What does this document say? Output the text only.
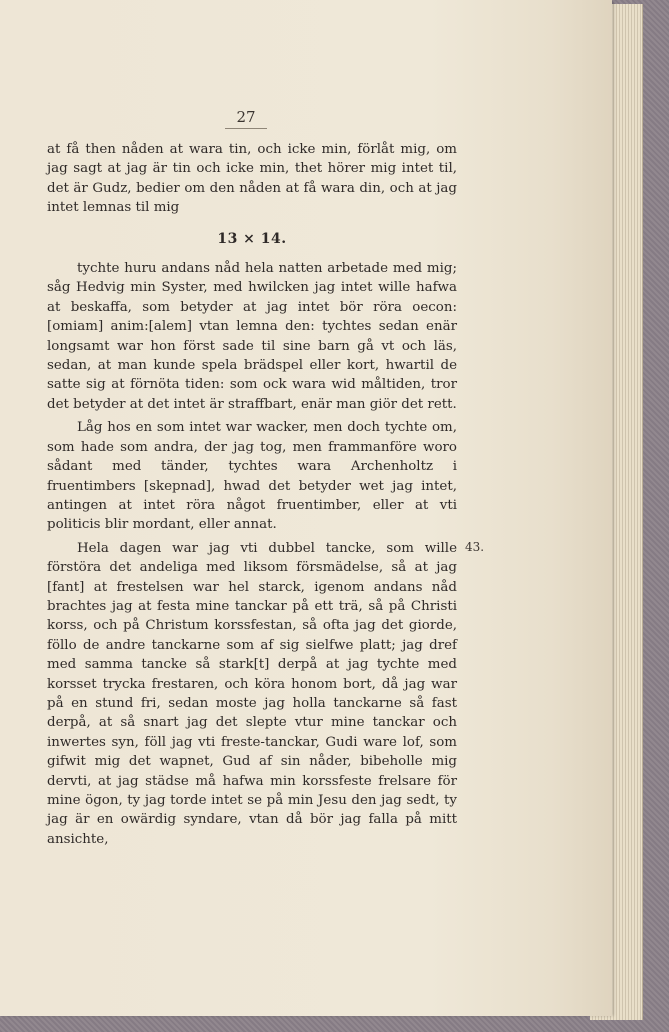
27

at få then nåden at wara tin, och icke min, förlåt mig, om jag sagt at jag är tin och icke min, thet hörer mig intet til, det är Gudz, bedier om den nåden at få wara din, och at jag intet lemnas til mig

13 × 14.

tychte huru andans nåd hela natten arbetade med mig; såg Hedvig min Syster, med hwilcken jag intet wille hafwa at beskaffa, som betyder at jag intet bör röra oecon:[omiam] anim:[alem] vtan lemna den: tychtes sedan enär longsamt war hon först sade til sine barn gå vt och läs, sedan, at man kunde spela brädspel eller kort, hwartil de satte sig at förnöta tiden: som ock wara wid måltiden, tror det betyder at det intet är straffbart, enär man giör det rett.

Låg hos en som intet war wacker, men doch tychte om, som hade som andra, der jag tog, men frammanföre woro sådant med tänder, tychtes wara Archenholtz i fruentimbers [skepnad], hwad det betyder wet jag intet, antingen at intet röra något fruentimber, eller at vti politicis blir mordant, eller annat.

Hela dagen war jag vti dubbel tancke, som wille förstöra det andeliga med liksom försmädelse, så at jag [fant] at frestelsen war hel starck, igenom andans nåd brachtes jag at festa mine tanckar på ett trä, så på Christi korss, och på Christum korssfestan, så ofta jag det giorde, föllo de andre tanckarne som af sig sielfwe platt; jag dref med samma tancke så stark[t] derpå at jag tychte med korsset trycka frestaren, och köra honom bort, då jag war på en stund fri, sedan moste jag holla tanckarne så fast derpå, at så snart jag det slepte vtur mine tanckar och inwertes syn, föll jag vti freste-tanckar, Gudi ware lof, som gifwit mig det wapnet, Gud af sin nåder, bibeholle mig dervti, at jag städse må hafwa min korssfeste frelsare för mine ögon, ty jag torde intet se på min Jesu den jag sedt, ty jag är en owärdig syndare, vtan då bör jag falla på mitt ansichte,

43.
